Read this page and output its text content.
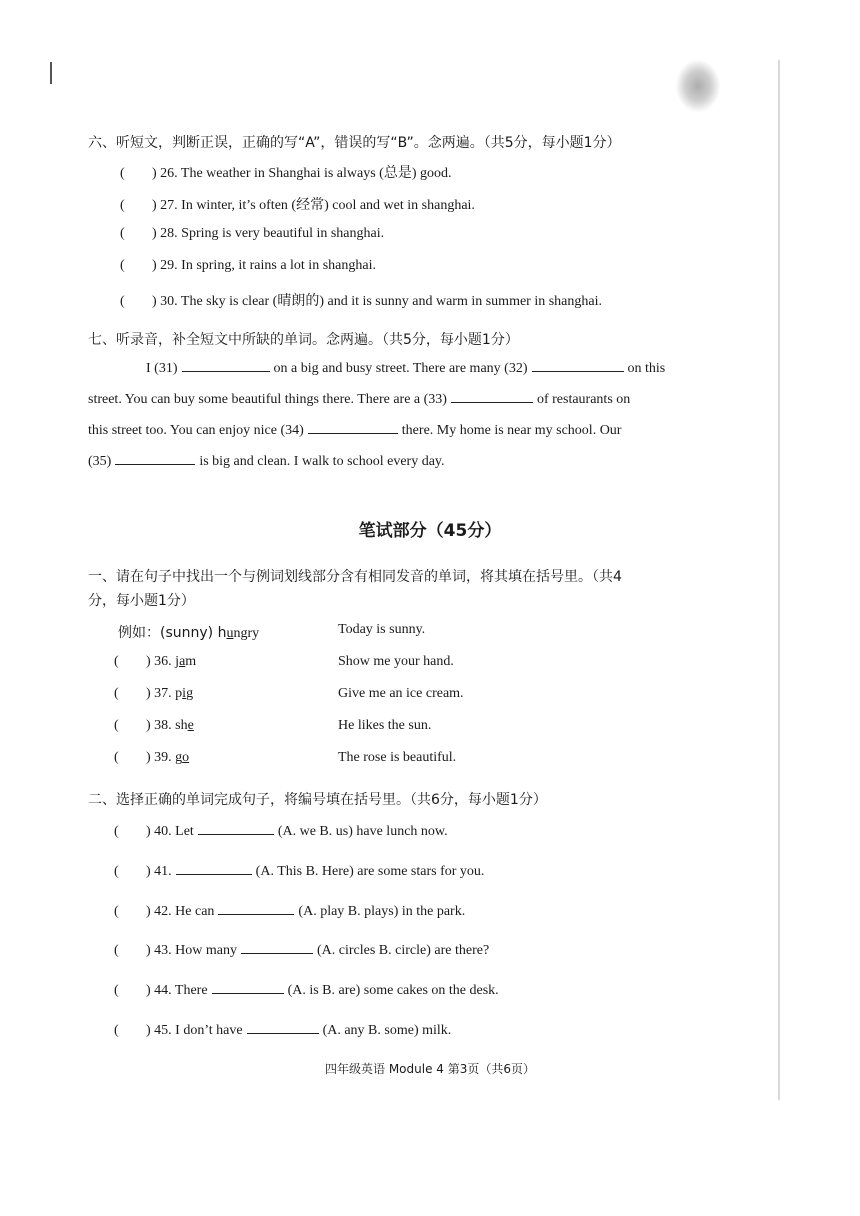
六、听短文，判断正误，正确的写“A”，错误的写“B”。念两遍。（共5分，每小题1分）
( ) 26. The weather in Shanghai is always (总是) good.
( ) 27. In winter, it’s often (经常) cool and wet in shanghai.
( ) 28. Spring is very beautiful in shanghai.
( ) 29. In spring, it rains a lot in shanghai.
( ) 30. The sky is clear (晴朗的) and it is sunny and warm in summer in shanghai.
七、听录音，补全短文中所缺的单词。念两遍。（共5分，每小题1分）
I (31)	on a big and busy street. There are many (32)	on this
street. You can buy some beautiful things there. There are a (33)	of restaurants on
this street too. You can enjoy nice (34)	there. My home is near my school. Our
(35)	is big and clean. I walk to school every day.
笔试部分（45分）
一、请在句子中找出一个与例词划线部分含有相同发音的单词，将其填在括号里。（共4
分，每小题1分）
例如：(sunny) hungry	Today is sunny.
( ) 36. jam	Show me your hand.
( ) 37. pig	Give me an ice cream.
( ) 38. she	He likes the sun.
( ) 39. go	The rose is beautiful.
二、选择正确的单词完成句子，将编号填在括号里。（共6分，每小题1分）
( ) 40. Let	(A. we B. us) have lunch now.
( ) 41.	(A. This B. Here) are some stars for you.
( ) 42. He can	(A. play B. plays) in the park.
( ) 43. How many	(A. circles B. circle) are there?
( ) 44. There	(A. is B. are) some cakes on the desk.
( ) 45. I don’t have	(A. any B. some) milk.
四年级英语 Module 4 第3页（共6页）
